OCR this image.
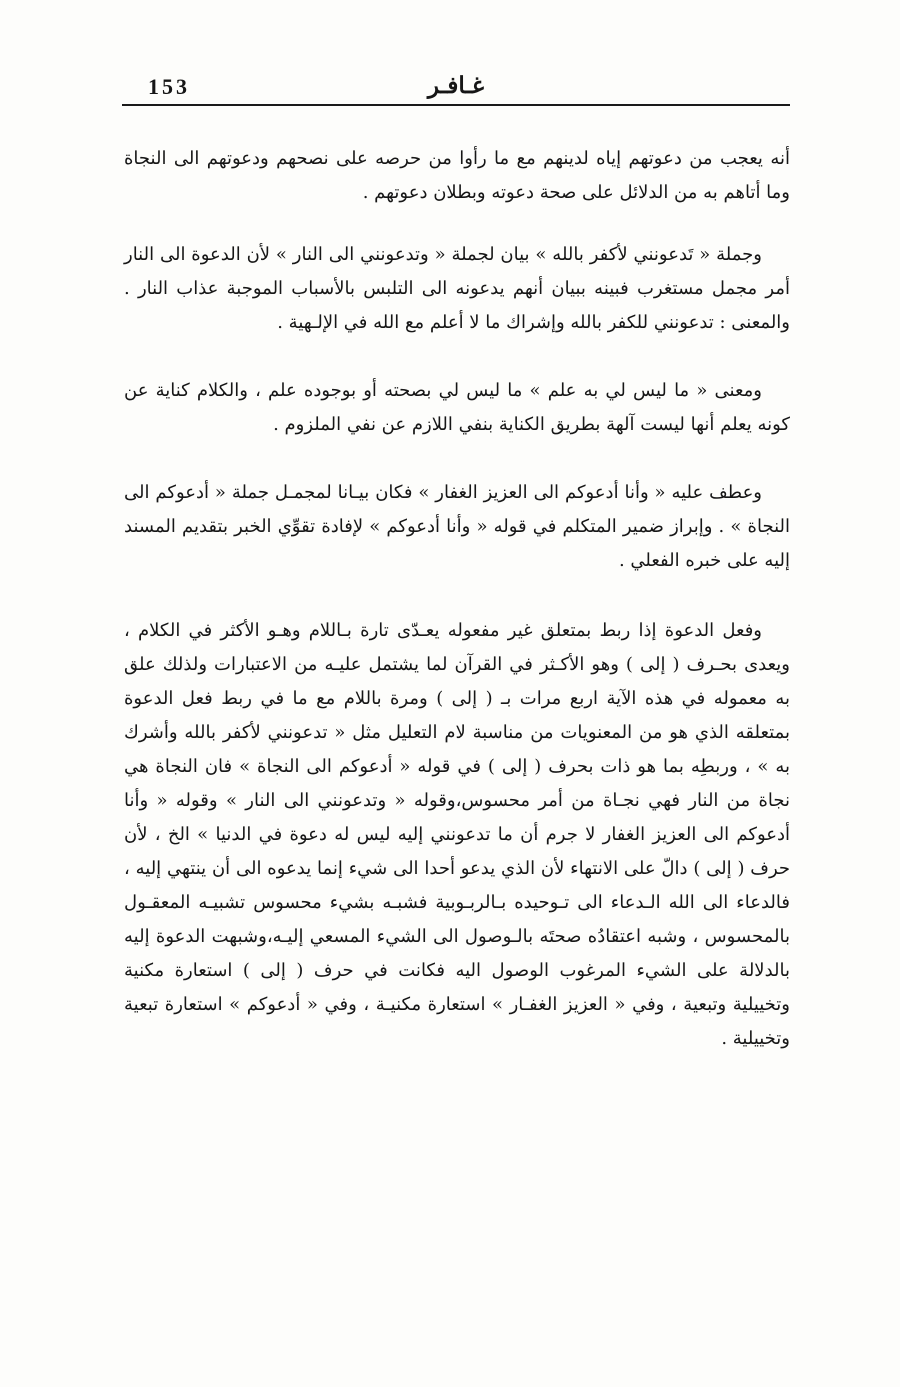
غـافـر
153

أنه يعجب من دعوتهم إياه لدينهم مع ما رأوا من حرصه على نصحهم ودعوتهم الى النجاة وما أتاهم به من الدلائل على صحة دعوته وبطلان دعوتهم .

وجملة « تَدعونني لأكفر بالله » بيان لجملة « وتدعونني الى النار » لأن الدعوة الى النار أمر مجمل مستغرب فبينه ببيان أنهم يدعونه الى التلبس بالأسباب الموجبة عذاب النار . والمعنى : تدعونني للكفر بالله وإشراك ما لا أعلم مع الله في الإلـهية .

ومعنى « ما ليس لي به علم » ما ليس لي بصحته أو بوجوده علم ، والكلام كناية عن كونه يعلم أنها ليست آلهة بطريق الكناية بنفي اللازم عن نفي الملزوم .

وعطف عليه « وأنا أدعوكم الى العزيز الغفار » فكان بيـانا لمجمـل جملة « أدعوكم الى النجاة » . وإبراز ضمير المتكلم في قوله « وأنا أدعوكم » لإفادة تقوِّي الخبر بتقديم المسند إليه على خبره الفعلي .

وفعل الدعوة إذا ربط بمتعلق غير مفعوله يعـدّى تارة بـاللام وهـو الأكثر في الكلام ، ويعدى بحـرف ( إلى ) وهو الأكـثر في القرآن لما يشتمل عليـه من الاعتبارات ولذلك علق به معموله في هذه الآية اربع مرات بـ ( إلى ) ومرة باللام مع ما في ربط فعل الدعوة بمتعلقه الذي هو من المعنويات من مناسبة لام التعليل مثل « تدعونني لأكفر بالله وأشرك به » ، وربطِه بما هو ذات بحرف ( إلى ) في قوله « أدعوكم الى النجاة » فان النجاة هي نجاة من النار فهي نجـاة من أمر محسوس،وقوله « وتدعونني الى النار » وقوله « وأنا أدعوكم الى العزيز الغفار لا جرم أن ما تدعونني إليه ليس له دعوة في الدنيا » الخ ، لأن حرف ( إلى ) دالّ على الانتهاء لأن الذي يدعو أحدا الى شيء إنما يدعوه الى أن ينتهي إليه ، فالدعاء الى الله الـدعاء الى تـوحيده بـالربـوبية فشبـه بشيء محسوس تشبيـه المعقـول بالمحسوس ، وشبه اعتقادُه صحتَه بالـوصول الى الشيء المسعي إليـه،وشبهت الدعوة إليه بالدلالة على الشيء المرغوب الوصول اليه فكانت في حرف ( إلى ) استعارة مكنية وتخييلية وتبعية ، وفي « العزيز الغفـار » استعارة مكنيـة ، وفي « أدعوكم » استعارة تبعية وتخييلية .
